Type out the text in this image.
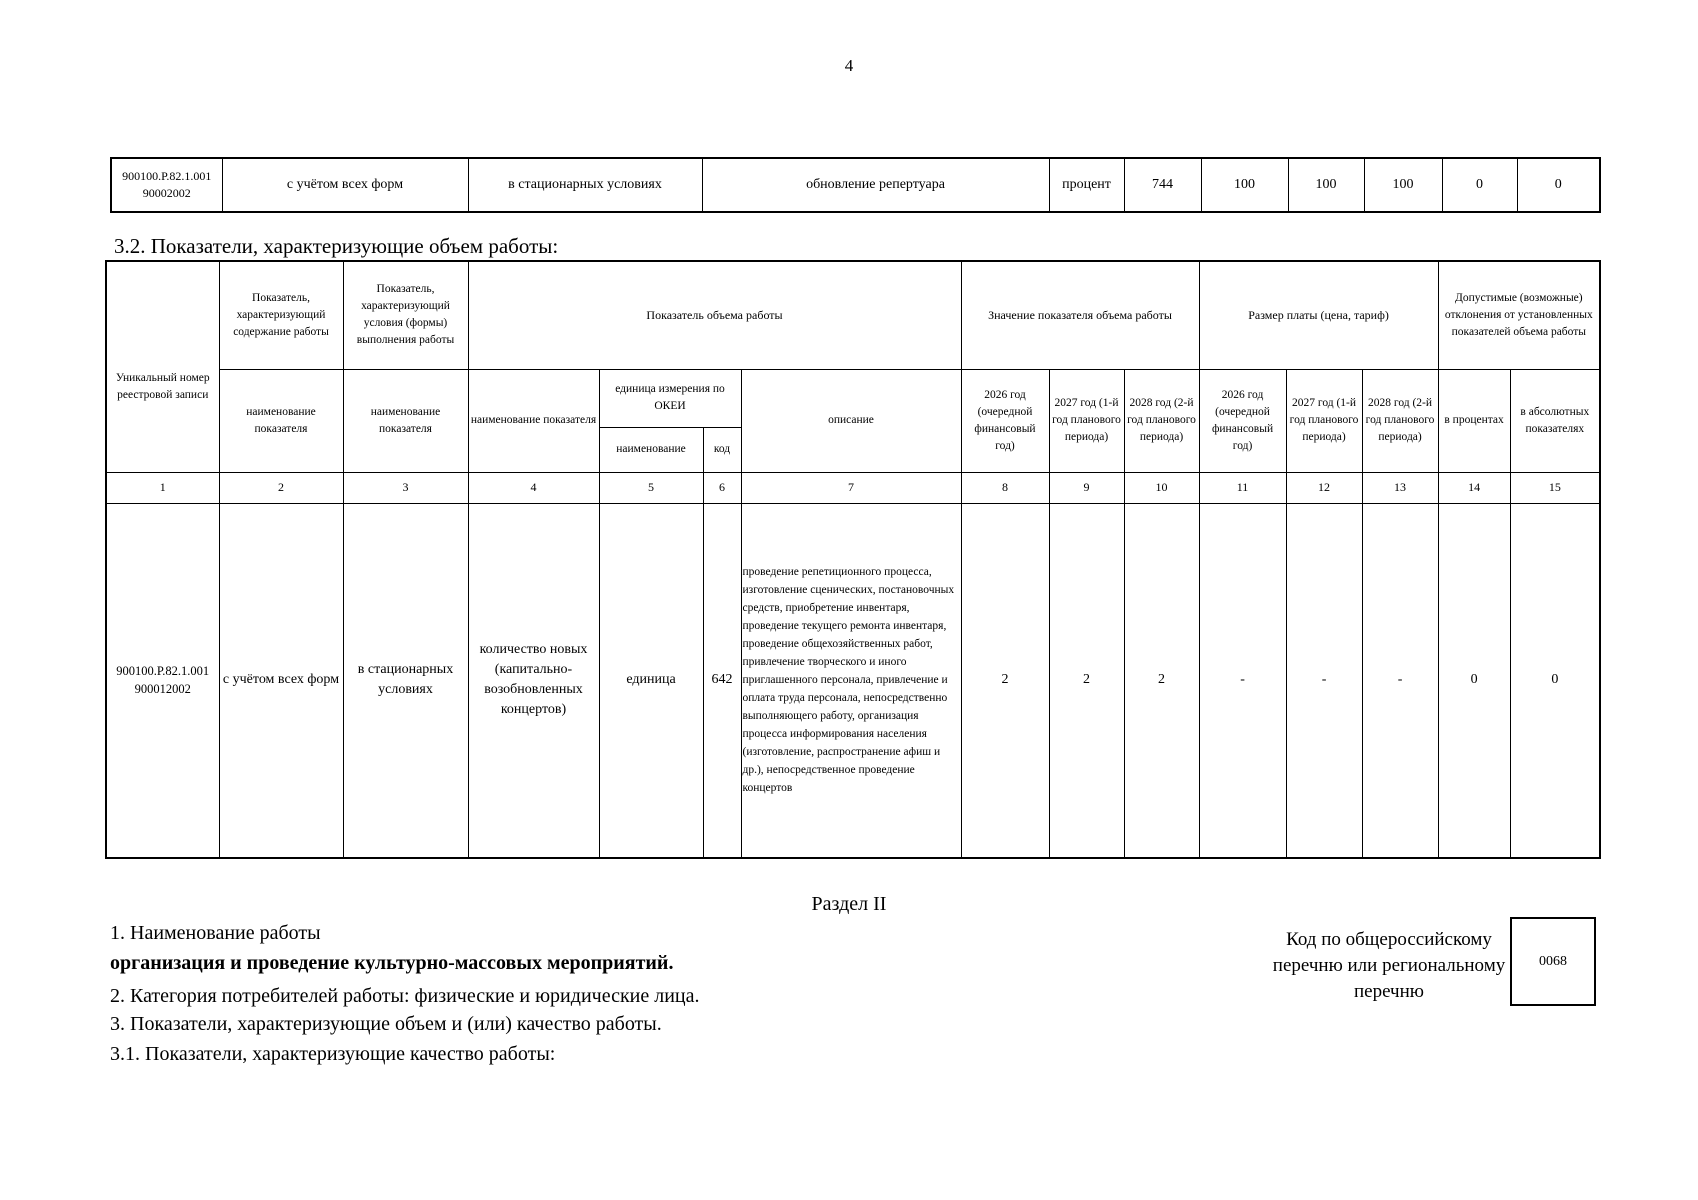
4
900100.Р.82.1.001 90002002	с учётом всех форм	в стационарных условиях	обновление репертуара	процент	744	100	100	100	0	0
3.2. Показатели, характеризующие объем работы:
Уникальный номер реестровой записи	Показатель, характеризующий содержание работы	Показатель, характеризующий условия (формы) выполнения работы	Показатель объема работы				Значение показателя объема работы			Размер платы (цена, тариф)			Допустимые (возможные) отклонения от установленных показателей объема работы	
	наименование показателя	наименование показателя	наименование показателя	единица измерения по ОКЕИ		описание	2026 год (очередной финансовый год)	2027 год (1-й год планового периода)	2028 год (2-й год планового периода)	2026 год (очередной финансовый год)	2027 год (1-й год планового периода)	2028 год (2-й год планового периода)	в процентах	в абсолютных показателях
				наименование	код									
1	2	3	4	5	6	7	8	9	10	11	12	13	14	15
900100.Р.82.1.001 900012002	с учётом всех форм	в стационарных условиях	количество новых (капитально-возобновленных концертов)	единица	642	проведение репетиционного процесса, изготовление сценических, постановочных средств, приобретение инвентаря, проведение текущего ремонта инвентаря, проведение общехозяйственных работ, привлечение творческого и иного приглашенного персонала, привлечение и оплата труда персонала, непосредственно выполняющего работу, организация процесса информирования населения (изготовление, распространение афиш и др.), непосредственное проведение концертов	2	2	2	-	-	-	0	0
Раздел II
1. Наименование работы
организация и проведение культурно-массовых мероприятий.
2. Категория потребителей работы: физические и юридические лица.
3. Показатели, характеризующие объем и (или) качество работы.
3.1. Показатели, характеризующие качество работы:
Код по общероссийскому перечню или региональному перечню
0068
